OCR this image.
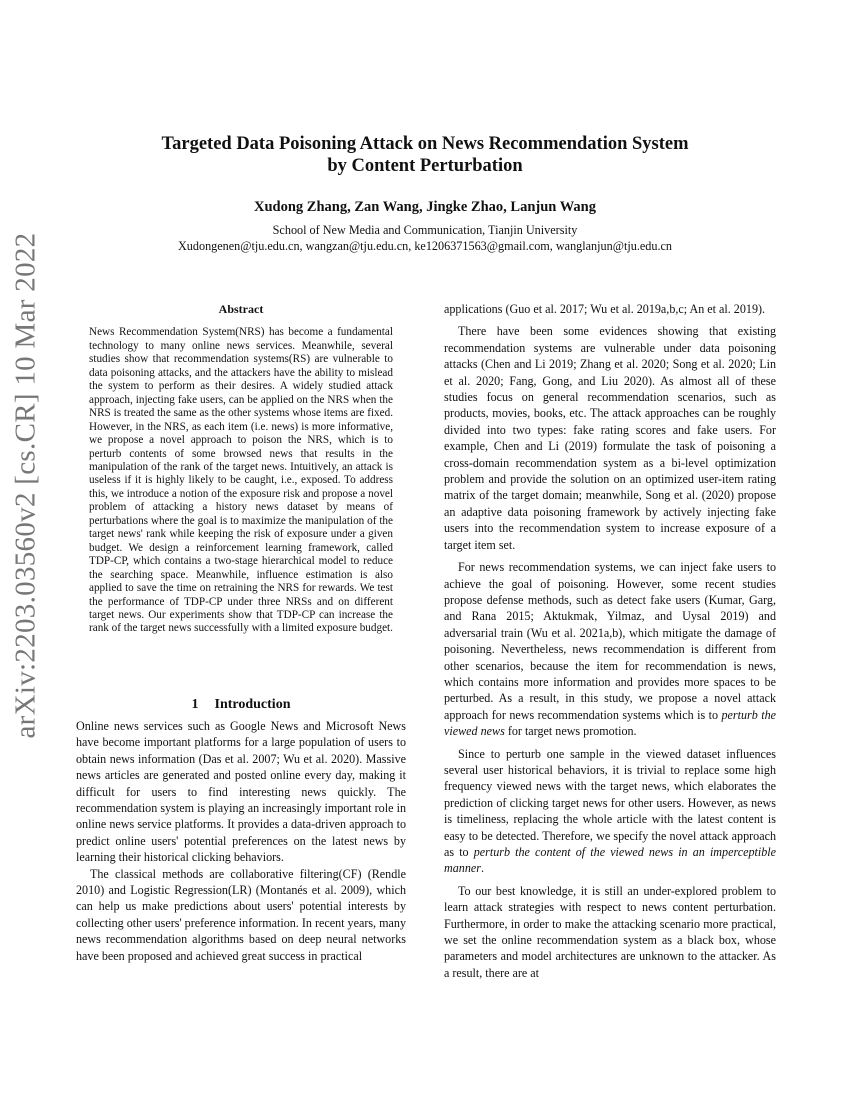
arXiv:2203.03560v2 [cs.CR] 10 Mar 2022
Targeted Data Poisoning Attack on News Recommendation System
by Content Perturbation
Xudong Zhang, Zan Wang, Jingke Zhao, Lanjun Wang
School of New Media and Communication, Tianjin University
Xudongenen@tju.edu.cn, wangzan@tju.edu.cn, ke1206371563@gmail.com, wanglanjun@tju.edu.cn
Abstract

News Recommendation System(NRS) has become a fundamental technology to many online news services. Meanwhile, several studies show that recommendation systems(RS) are vulnerable to data poisoning attacks, and the attackers have the ability to mislead the system to perform as their desires. A widely studied attack approach, injecting fake users, can be applied on the NRS when the NRS is treated the same as the other systems whose items are fixed. However, in the NRS, as each item (i.e. news) is more informative, we propose a novel approach to poison the NRS, which is to perturb contents of some browsed news that results in the manipulation of the rank of the target news. Intuitively, an attack is useless if it is highly likely to be caught, i.e., exposed. To address this, we introduce a notion of the exposure risk and propose a novel problem of attacking a history news dataset by means of perturbations where the goal is to maximize the manipulation of the target news' rank while keeping the risk of exposure under a given budget. We design a reinforcement learning framework, called TDP-CP, which contains a two-stage hierarchical model to reduce the searching space. Meanwhile, influence estimation is also applied to save the time on retraining the NRS for rewards. We test the performance of TDP-CP under three NRSs and on different target news. Our experiments show that TDP-CP can increase the rank of the target news successfully with a limited exposure budget.

1 Introduction

Online news services such as Google News and Microsoft News have become important platforms for a large population of users to obtain news information (Das et al. 2007; Wu et al. 2020). Massive news articles are generated and posted online every day, making it difficult for users to find interesting news quickly. The recommendation system is playing an increasingly important role in online news service platforms. It provides a data-driven approach to predict online users' potential preferences on the latest news by learning their historical clicking behaviors.

The classical methods are collaborative filtering(CF) (Rendle 2010) and Logistic Regression(LR) (Montanés et al. 2009), which can help us make predictions about users' potential interests by collecting other users' preference information. In recent years, many news recommendation algorithms based on deep neural networks have been proposed and achieved great success in practical

applications (Guo et al. 2017; Wu et al. 2019a,b,c; An et al. 2019).

There have been some evidences showing that existing recommendation systems are vulnerable under data poisoning attacks (Chen and Li 2019; Zhang et al. 2020; Song et al. 2020; Lin et al. 2020; Fang, Gong, and Liu 2020). As almost all of these studies focus on general recommendation scenarios, such as products, movies, books, etc. The attack approaches can be roughly divided into two types: fake rating scores and fake users. For example, Chen and Li (2019) formulate the task of poisoning a cross-domain recommendation system as a bi-level optimization problem and provide the solution on an optimized user-item rating matrix of the target domain; meanwhile, Song et al. (2020) propose an adaptive data poisoning framework by actively injecting fake users into the recommendation system to increase exposure of a target item set.

For news recommendation systems, we can inject fake users to achieve the goal of poisoning. However, some recent studies propose defense methods, such as detect fake users (Kumar, Garg, and Rana 2015; Aktukmak, Yilmaz, and Uysal 2019) and adversarial train (Wu et al. 2021a,b), which mitigate the damage of poisoning. Nevertheless, news recommendation is different from other scenarios, because the item for recommendation is news, which contains more information and provides more spaces to be perturbed. As a result, in this study, we propose a novel attack approach for news recommendation systems which is to perturb the viewed news for target news promotion.

Since to perturb one sample in the viewed dataset influences several user historical behaviors, it is trivial to replace some high frequency viewed news with the target news, which elaborates the prediction of clicking target news for other users. However, as news is timeliness, replacing the whole article with the latest content is easy to be detected. Therefore, we specify the novel attack approach as to perturb the content of the viewed news in an imperceptible manner.

To our best knowledge, it is still an under-explored problem to learn attack strategies with respect to news content perturbation. Furthermore, in order to make the attacking scenario more practical, we set the online recommendation system as a black box, whose parameters and model architectures are unknown to the attacker. As a result, there are at
